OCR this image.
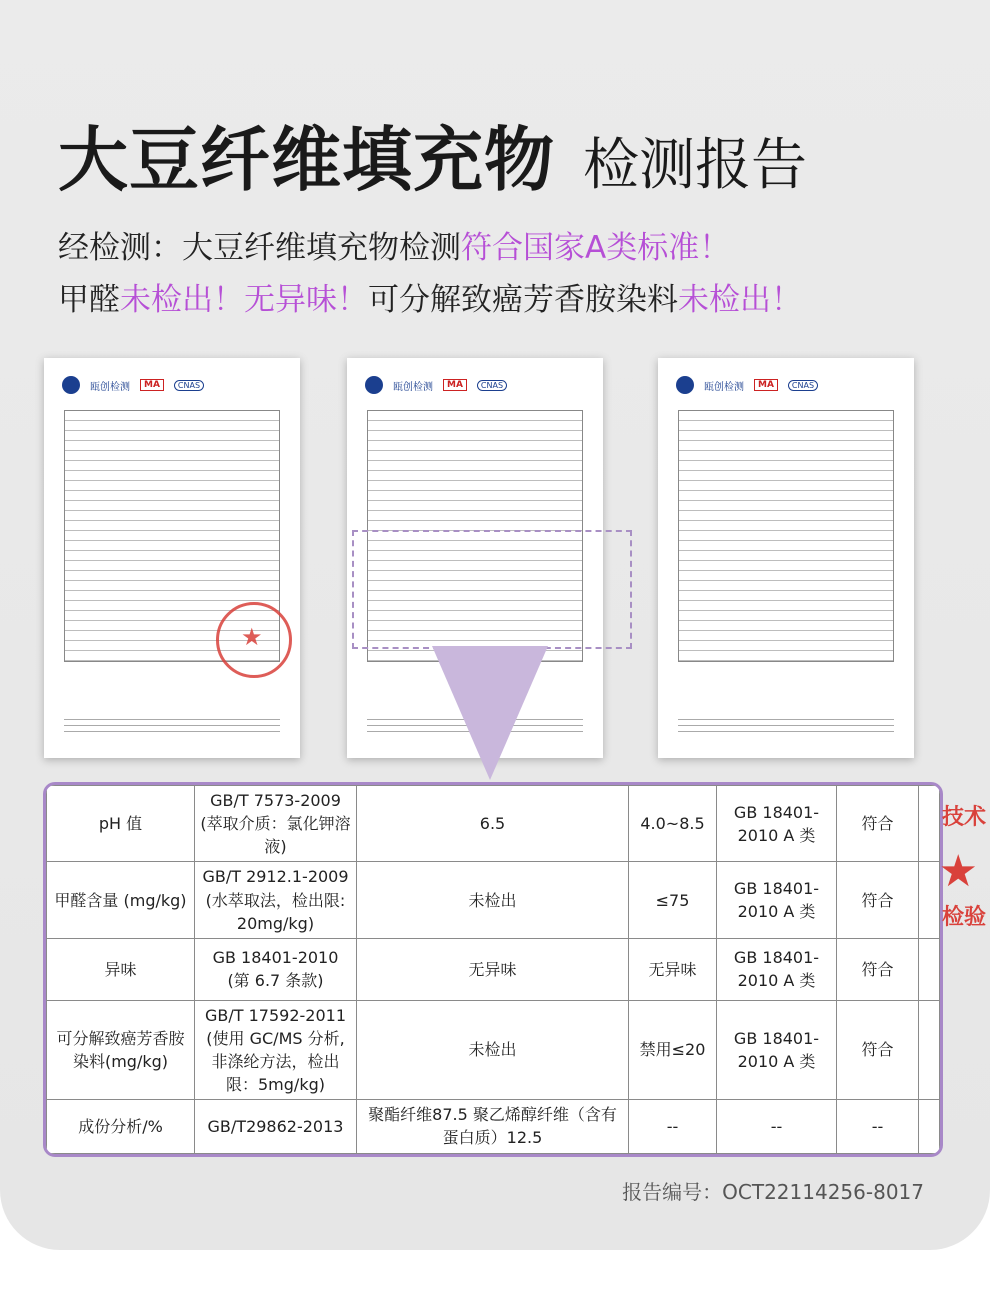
大豆纤维填充物 检测报告
经检测：大豆纤维填充物检测符合国家A类标准！
甲醛未检出！无异味！可分解致癌芳香胺染料未检出！
瓯创检测	MA	CNAS
★	瓯创检测	MA	CNAS	瓯创检测	MA	CNAS
pH 值	GB/T 7573-2009 (萃取介质：氯化钾溶液)	6.5	4.0~8.5	GB 18401-2010 A 类	符合	
甲醛含量 (mg/kg)	GB/T 2912.1-2009 (水萃取法，检出限: 20mg/kg)	未检出	≤75	GB 18401-2010 A 类	符合	
异味	GB 18401-2010 (第 6.7 条款)	无异味	无异味	GB 18401-2010 A 类	符合	
可分解致癌芳香胺染料(mg/kg)	GB/T 17592-2011 (使用 GC/MS 分析, 非涤纶方法，检出限：5mg/kg)	未检出	禁用≤20	GB 18401-2010 A 类	符合	
成份分析/%	GB/T29862-2013	聚酯纤维87.5 聚乙烯醇纤维（含有蛋白质）12.5	--	--	--	
技术
★
检验
报告编号：OCT22114256-8017
